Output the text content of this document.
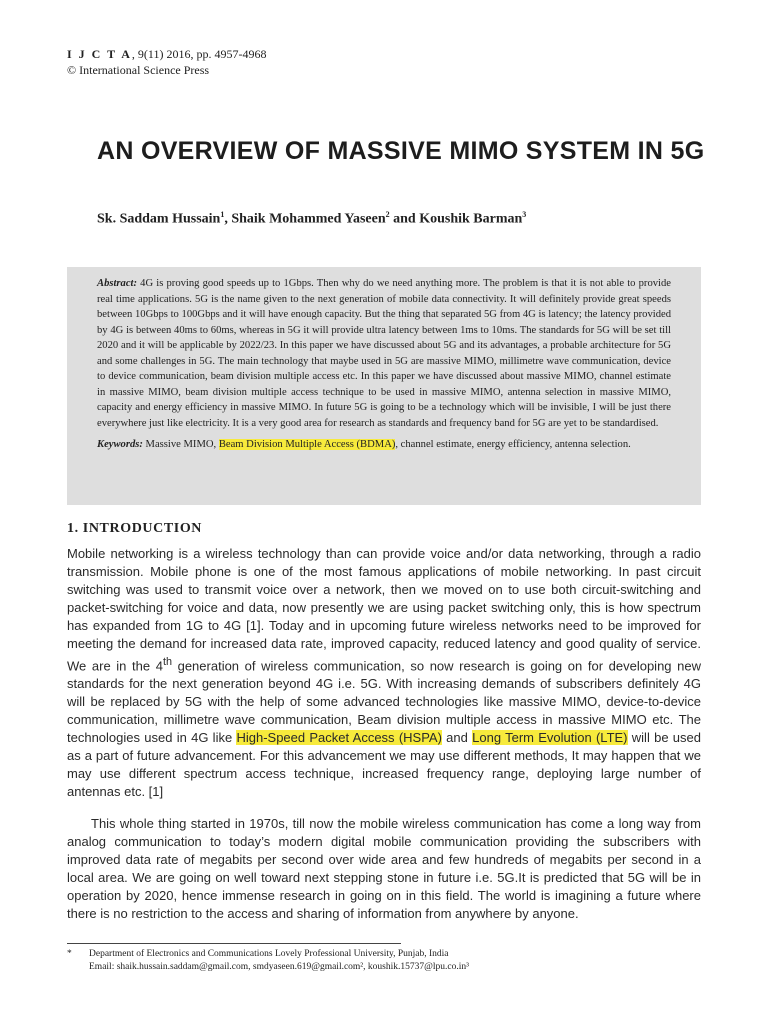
I J C T A, 9(11) 2016, pp. 4957-4968
© International Science Press
AN OVERVIEW OF MASSIVE MIMO SYSTEM IN 5G
Sk. Saddam Hussain$^1$, Shaik Mohammed Yaseen$^2$ and Koushik Barman$^3$
Abstract: 4G is proving good speeds up to 1Gbps. Then why do we need anything more. The problem is that it is not able to provide real time applications. 5G is the name given to the next generation of mobile data connectivity. It will definitely provide great speeds between 10Gbps to 100Gbps and it will have enough capacity. But the thing that separated 5G from 4G is latency; the latency provided by 4G is between 40ms to 60ms, whereas in 5G it will provide ultra latency between 1ms to 10ms. The standards for 5G will be set till 2020 and it will be applicable by 2022/23. In this paper we have discussed about 5G and its advantages, a probable architecture for 5G and some challenges in 5G. The main technology that maybe used in 5G are massive MIMO, millimetre wave communication, device to device communication, beam division multiple access etc. In this paper we have discussed about massive MIMO, channel estimate in massive MIMO, beam division multiple access technique to be used in massive MIMO, antenna selection in massive MIMO, capacity and energy efficiency in massive MIMO. In future 5G is going to be a technology which will be invisible, I will be just there everywhere just like electricity. It is a very good area for research as standards and frequency band for 5G are yet to be standardised.
Keywords: Massive MIMO, Beam Division Multiple Access (BDMA), channel estimate, energy efficiency, antenna selection.
1. INTRODUCTION
Mobile networking is a wireless technology than can provide voice and/or data networking, through a radio transmission. Mobile phone is one of the most famous applications of mobile networking. In past circuit switching was used to transmit voice over a network, then we moved on to use both circuit-switching and packet-switching for voice and data, now presently we are using packet switching only, this is how spectrum has expanded from 1G to 4G [1]. Today and in upcoming future wireless networks need to be improved for meeting the demand for increased data rate, improved capacity, reduced latency and good quality of service. We are in the 4th generation of wireless communication, so now research is going on for developing new standards for the next generation beyond 4G i.e. 5G. With increasing demands of subscribers definitely 4G will be replaced by 5G with the help of some advanced technologies like massive MIMO, device-to-device communication, millimetre wave communication, Beam division multiple access in massive MIMO etc. The technologies used in 4G like High-Speed Packet Access (HSPA) and Long Term Evolution (LTE) will be used as a part of future advancement. For this advancement we may use different methods, It may happen that we may use different spectrum access technique, increased frequency range, deploying large number of antennas etc. [1]
This whole thing started in 1970s, till now the mobile wireless communication has come a long way from analog communication to today’s modern digital mobile communication providing the subscribers with improved data rate of megabits per second over wide area and few hundreds of megabits per second in a local area. We are going on well toward next stepping stone in future i.e. 5G.It is predicted that 5G will be in operation by 2020, hence immense research in going on in this field. The world is imagining a future where there is no restriction to the access and sharing of information from anywhere by anyone.
* Department of Electronics and Communications Lovely Professional University, Punjab, India
Email: shaik.hussain.saddam@gmail.com, smdyaseen.619@gmail.com², koushik.15737@lpu.co.in³
